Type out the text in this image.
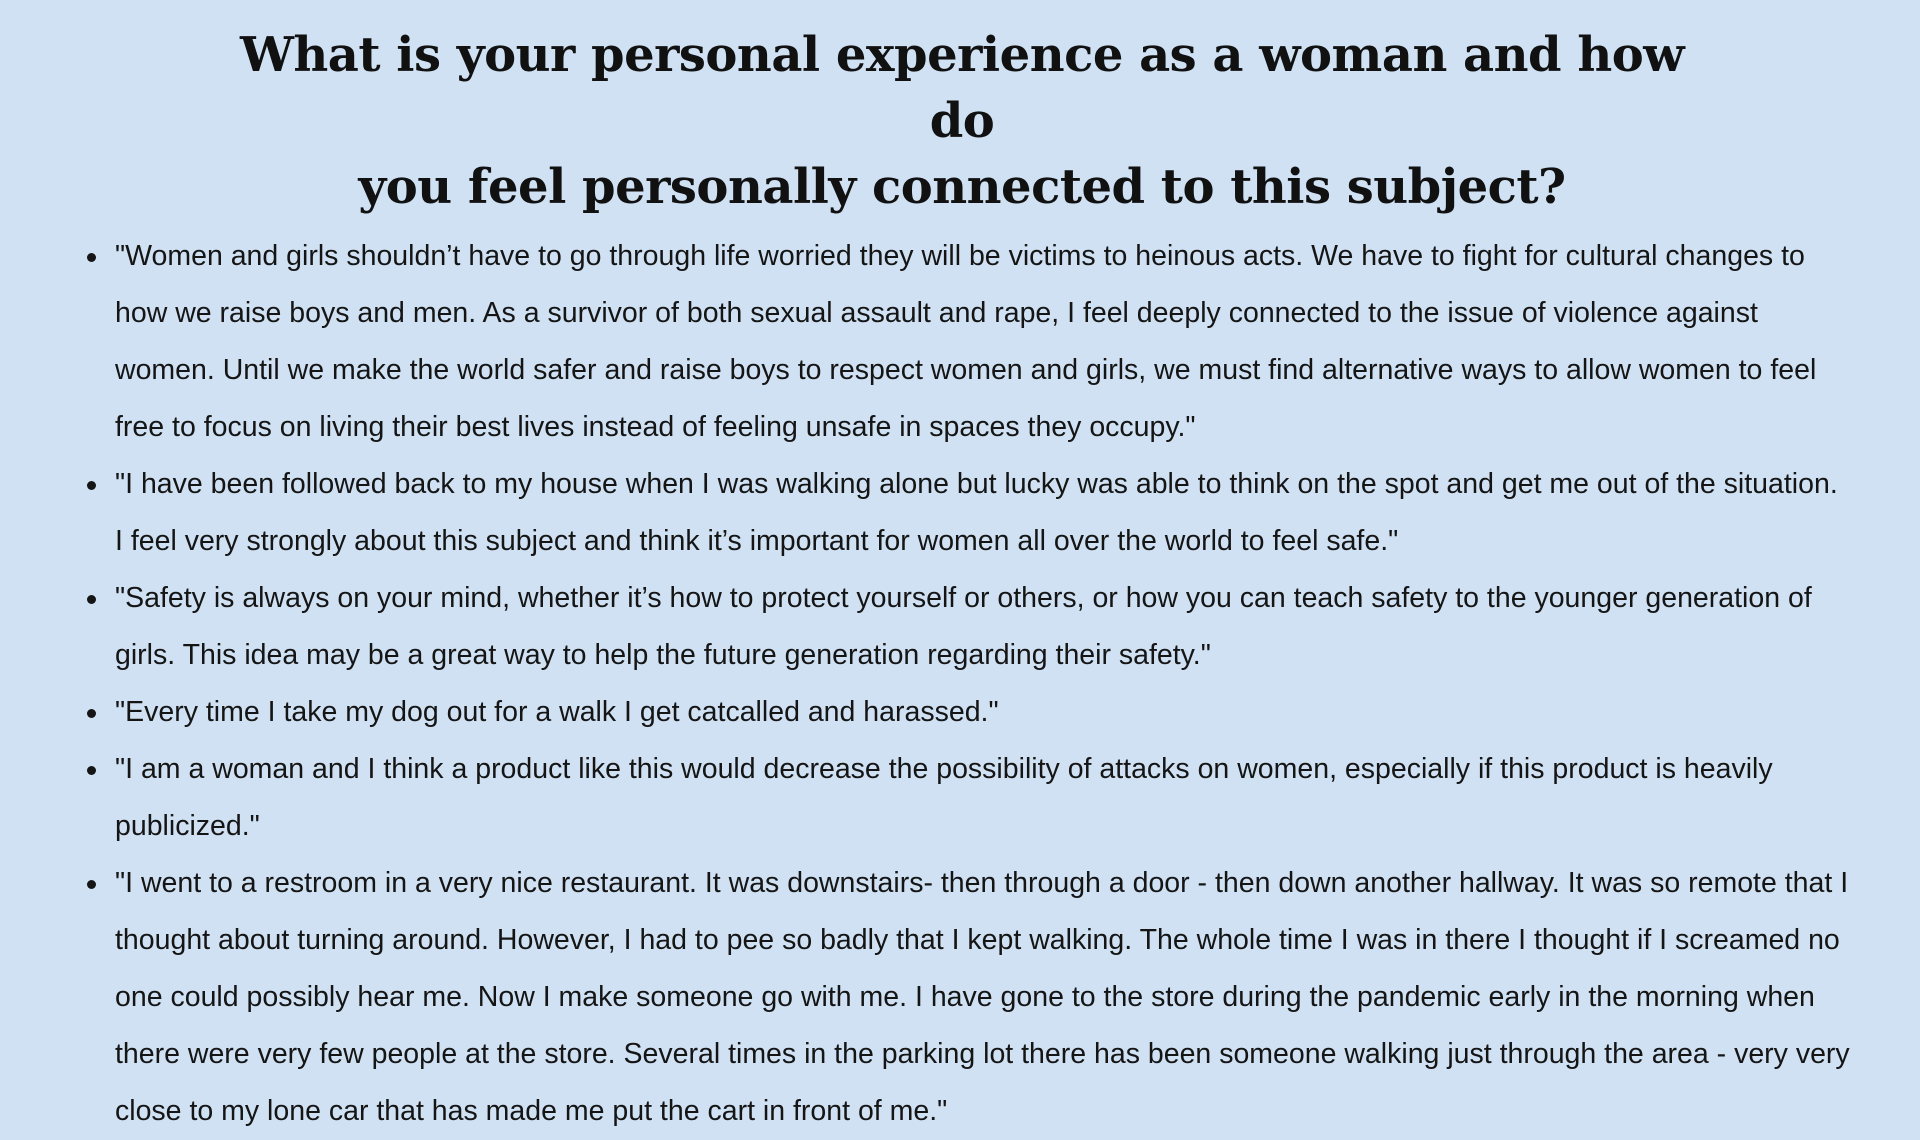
What is your personal experience as a woman and how do
you feel personally connected to this subject?
"Women and girls shouldn’t have to go through life worried they will be victims to heinous acts. We have to fight for cultural changes to how we raise boys and men. As a survivor of both sexual assault and rape, I feel deeply connected to the issue of violence against women. Until we make the world safer and raise boys to respect women and girls, we must find alternative ways to allow women to feel free to focus on living their best lives instead of feeling unsafe in spaces they occupy."
"I have been followed back to my house when I was walking alone but lucky was able to think on the spot and get me out of the situation. I feel very strongly about this subject and think it’s important for women all over the world to feel safe."
"Safety is always on your mind, whether it’s how to protect yourself or others, or how you can teach safety to the younger generation of girls. This idea may be a great way to help the future generation regarding their safety."
"Every time I take my dog out for a walk I get catcalled and harassed."
"I am a woman and I think a product like this would decrease the possibility of attacks on women, especially if this product is heavily publicized."
"I went to a restroom in a very nice restaurant. It was downstairs- then through a door - then down another hallway. It was so remote that I thought about turning around. However, I had to pee so badly that I kept walking. The whole time I was in there I thought if I screamed no one could possibly hear me. Now I make someone go with me. I have gone to the store during the pandemic early in the morning when there were very few people at the store. Several times in the parking lot there has been someone walking just through the area - very very close to my lone car that has made me put the cart in front of me."
